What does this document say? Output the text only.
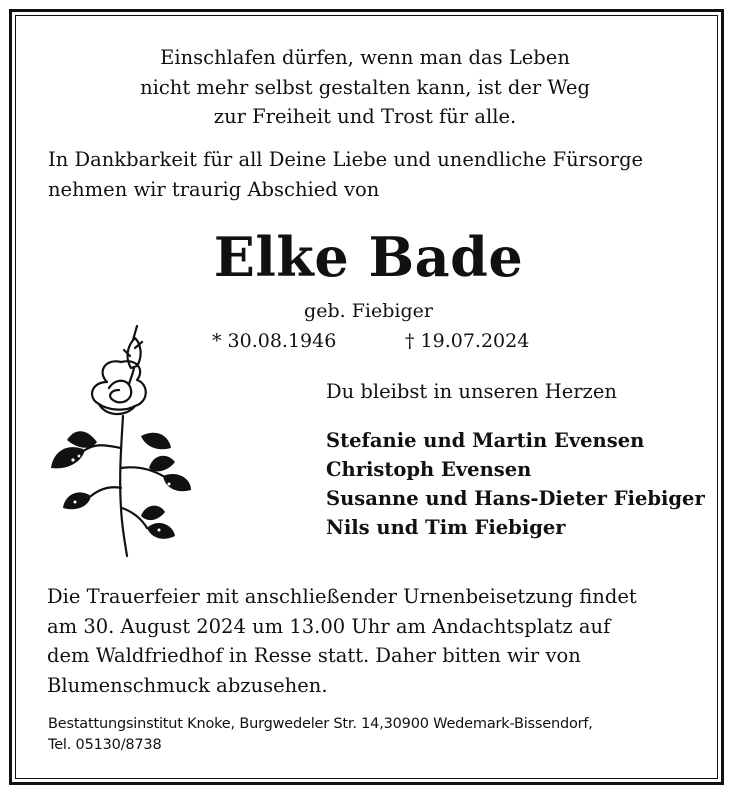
Einschlafen dürfen, wenn man das Leben
nicht mehr selbst gestalten kann, ist der Weg
zur Freiheit und Trost für alle.
In Dankbarkeit für all Deine Liebe und unendliche Fürsorge
nehmen wir traurig Abschied von
Elke Bade
geb. Fiebiger
* 30.08.1946	† 19.07.2024
Du bleibst in unseren Herzen
Stefanie und Martin Evensen
Christoph Evensen
Susanne und Hans-Dieter Fiebiger
Nils und Tim Fiebiger
Die Trauerfeier mit anschließender Urnenbeisetzung findet
am 30. August 2024 um 13.00 Uhr am Andachtsplatz auf
dem Waldfriedhof in Resse statt. Daher bitten wir von
Blumenschmuck abzusehen.
Bestattungsinstitut Knoke, Burgwedeler Str. 14,30900 Wedemark-Bissendorf,
Tel. 05130/8738
